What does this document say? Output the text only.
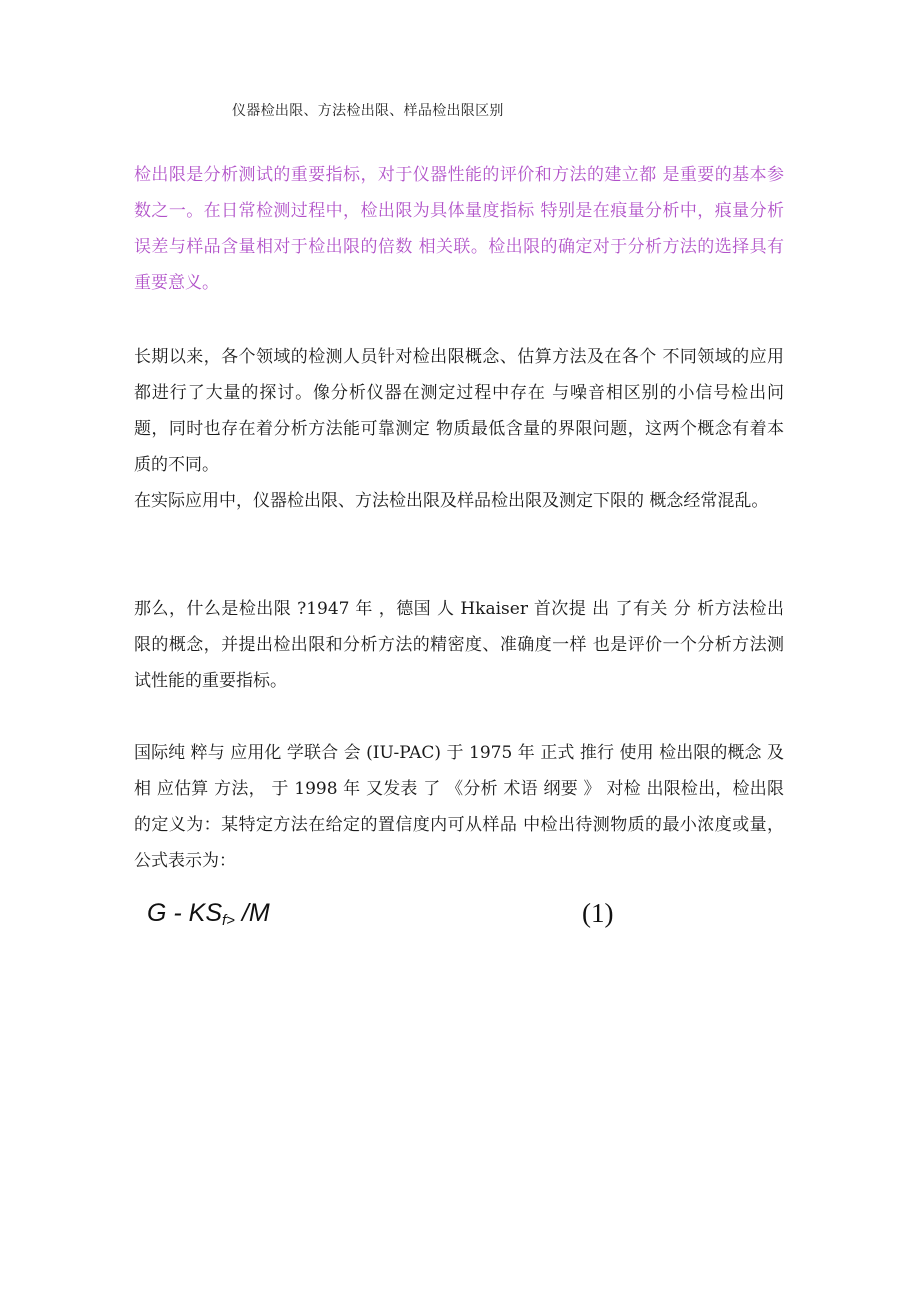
仪器检出限、方法检出限、样品检出限区别

检出限是分析测试的重要指标，对于仪器性能的评价和方法的建立都 是重要的基本参数之一。在日常检测过程中，检出限为具体量度指标 特别是在痕量分析中，痕量分析误差与样品含量相对于检出限的倍数 相关联。检出限的确定对于分析方法的选择具有重要意义。

长期以来，各个领域的检测人员针对检出限概念、估算方法及在各个 不同领域的应用都进行了大量的探讨。像分析仪器在测定过程中存在 与噪音相区别的小信号检出问题，同时也存在着分析方法能可靠测定 物质最低含量的界限问题，这两个概念有着本质的不同。

在实际应用中，仪器检出限、方法检出限及样品检出限及测定下限的 概念经常混乱。

那么，什么是检出限 ?1947 年 ，德国 人 Hkaiser 首次提 出 了有关 分 析方法检出限的概念，并提出检出限和分析方法的精密度、准确度一样 也是评价一个分析方法测试性能的重要指标。

国际纯 粹与 应用化 学联合 会 (IU-PAC) 于 1975 年 正式 推行 使用 检出限的概念 及相 应估算 方法， 于 1998 年 又发表 了 《分析 术语 纲要 》 对检 出限检出，检出限的定义为：某特定方法在给定的置信度内可从样品 中检出待测物质的最小浓度或量，公式表示为：

G - $KS_{f>}$ /M	(1)
